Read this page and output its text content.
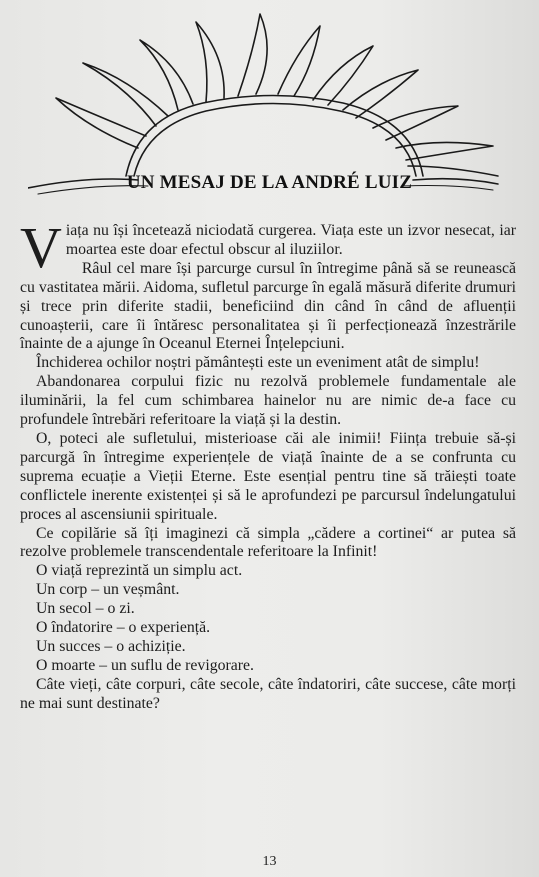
UN MESAJ DE LA ANDRÉ LUIZ

Viața nu își încetează niciodată curgerea. Viața este un izvor nesecat, iar moartea este doar efectul obscur al iluziilor.

Râul cel mare își parcurge cursul în întregime până să se reunească cu vastitatea mării. Aidoma, sufletul parcurge în egală măsură diferite drumuri și trece prin diferite stadii, beneficiind din când în când de afluenții cunoașterii, care îi întăresc personalitatea și îi perfecționează înzestrările înainte de a ajunge în Oceanul Eternei Înțelepciuni.

Închiderea ochilor noștri pământești este un eveniment atât de simplu!

Abandonarea corpului fizic nu rezolvă problemele fundamentale ale iluminării, la fel cum schimbarea hainelor nu are nimic de-a face cu profundele întrebări referitoare la viață și la destin.

O, poteci ale sufletului, misterioase căi ale inimii! Ființa trebuie să-și parcurgă în întregime experiențele de viață înainte de a se confrunta cu suprema ecuație a Vieții Eterne. Este esențial pentru tine să trăiești toate conflictele inerente existenței și să le aprofundezi pe parcursul îndelungatului proces al ascensiunii spirituale.

Ce copilărie să îți imaginezi că simpla „cădere a cortinei“ ar putea să rezolve problemele transcendentale referitoare la Infinit!

O viață reprezintă un simplu act.

Un corp – un veșmânt.

Un secol – o zi.

O îndatorire – o experiență.

Un succes – o achiziție.

O moarte – un suflu de revigorare.

Câte vieți, câte corpuri, câte secole, câte îndatoriri, câte succese, câte morți ne mai sunt destinate?

13
